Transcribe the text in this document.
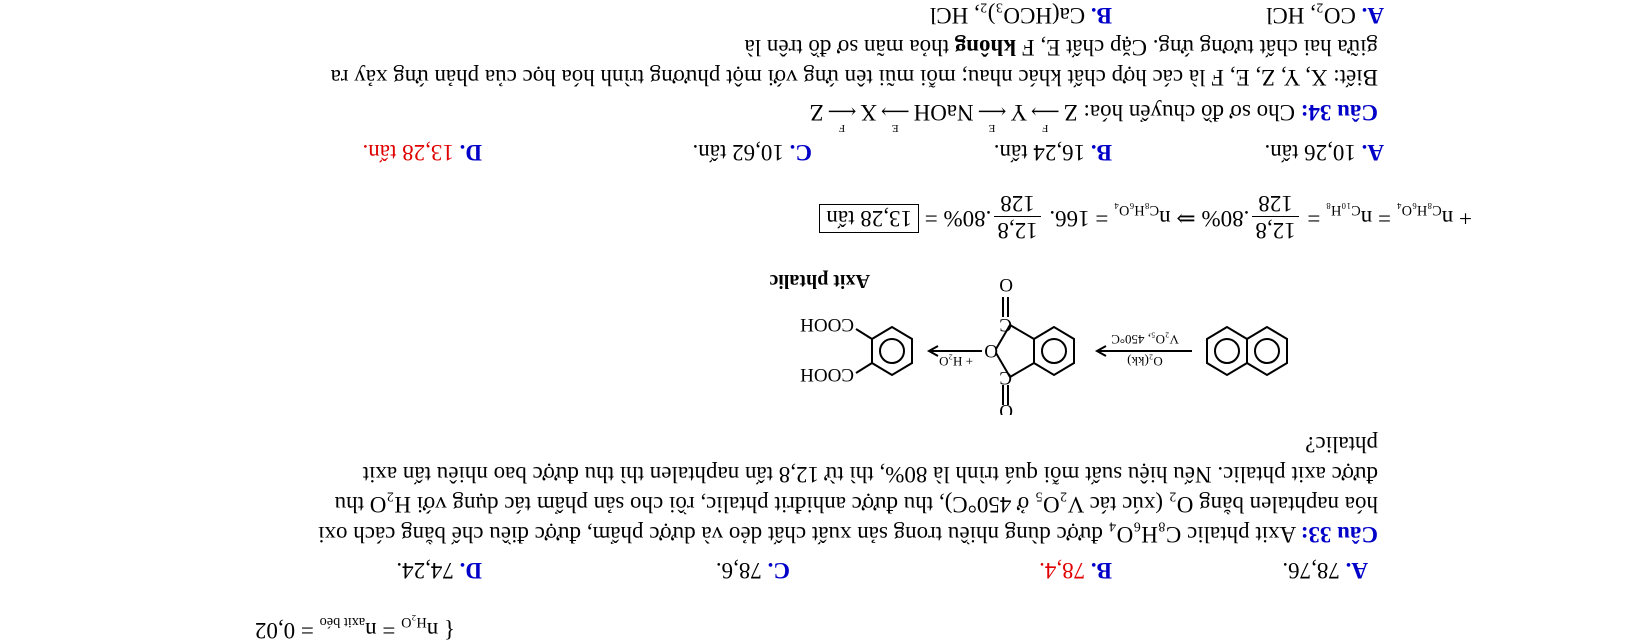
{ $n_{H_2O} = n_{axit béo} = 0,02$
A. 78,76.
B. 78,4.
C. 78,6.
D. 74,24.
Câu 33: Axit phtalic C₈H₆O₄ được dùng nhiều trong sản xuất chất dẻo và dược phẩm, được điều chế bằng cách oxi
hóa naphtalen bằng O₂ (xúc tác V₂O₅ ở 450°C), thu được anhiđrit phtalic, rồi cho sản phẩm tác dụng với H₂O thu
được axit phtalic. Nếu hiệu suất mỗi quá trình là 80%, thì từ 12,8 tấn naphtalen thì thu được bao nhiêu tấn axit
phtalic?
O₂(kk)
V₂O₅, 450°C
+ H₂O
C
C
O
O
O
COOH
COOH
Axit phtalic
+ $n_{C_8H_6O_4} = n_{C_{10}H_8}$ =
12,8
128
.80% ⇒ $n_{C_8H_6O_4} = 166$.
12,8
128
.80% = 13,28 tấn
A. 10,26 tấn.
B. 16,24 tấn.
C. 10,62 tấn.
D. 13,28 tấn.
Câu 34: Cho sơ đồ chuyển hóa: Z
F
⟶Y
E
⟵NaOH
E
⟶X
F
⟵Z
Biết: X, Y, Z, E, F là các hợp chất khác nhau; mỗi mũi tên ứng với một phương trình hóa học của phản ứng xảy ra
giữa hai chất tương ứng. Cặp chất E, F không thỏa mãn sơ đồ trên là
A. CO₂, HCl
B. Ca(HCO₃)₂, HCl
